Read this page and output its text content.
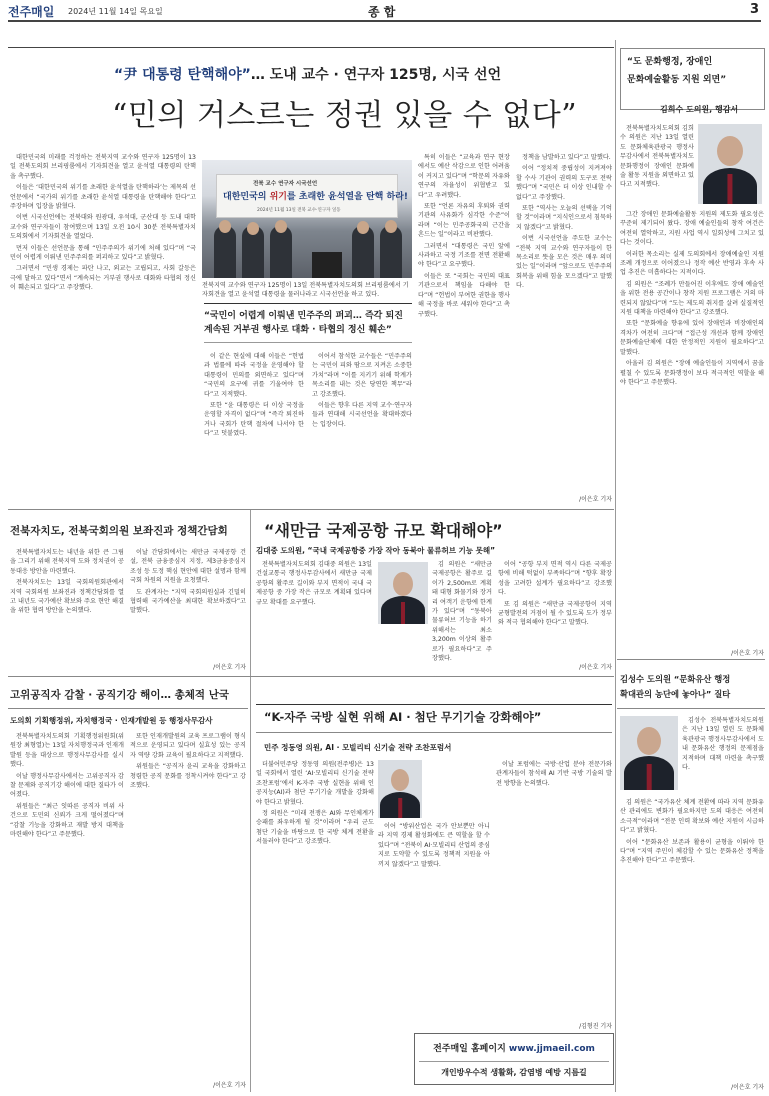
전주매일 2024년 11월 14일 목요일	종 합	3
“尹 대통령 탄핵해야”… 도내 교수 · 연구자 125명, 시국 선언
“민의 거스르는 정권 있을 수 없다”

대한민국의 미래를 걱정하는 전북지역 교수와 연구자 125명이 13일 전북도의회 브리핑룸에서 기자회견을 열고 윤석열 대통령의 탄핵을 촉구했다.

이들은 ‘대한민국의 위기를 초래한 윤석열을 탄핵하라’는 제목의 선언문에서 “국가의 위기를 초래한 윤석열 대통령을 탄핵해야 한다”고 주장하며 입장을 밝혔다.

이번 시국선언에는 전북대와 원광대, 우석대, 군산대 등 도내 대학 교수와 연구자들이 참여했으며 13일 오전 10시 30분 전북특별자치도의회에서 기자회견을 열었다.

먼저 이들은 선언문을 통해 “민주주의가 위기에 처해 있다”며 “국민이 어렵게 이뤄낸 민주주의를 퍼괴하고 있다”고 밝혔다.

그러면서 “민생 경제는 파탄 나고, 외교는 고립되고, 사회 갈등은 극에 달하고 있다”면서 “계속되는 거부권 행사로 대화와 타협의 정신이 훼손되고 있다”고 주장했다.

전북 교수 연구자 시국선언
대한민국의 위기를 초래한 윤석열을 탄핵 하라!
2024년 11월 13일 전북 교수·연구자 일동
전북지역 교수와 연구자 125명이 13일 전북특별자치도의회 브리핑룸에서 기자회견을 열고 윤석열 대통령을 물러나라고 시국선언을 하고 있다.
“국민이 어렵게 이뤄낸 민주주의 퍼괴… 즉각 퇴진
계속된 거부권 행사로 대화 · 타협의 정신 훼손”

이 같은 현실에 대해 이들은 “헌법과 법률에 따라 국정을 운영해야 할 대통령이 민의를 외면하고 있다”며 “국민의 요구에 귀를 기울여야 한다”고 지적했다.

또한 “윤 대통령은 더 이상 국정을 운영할 자격이 없다”며 “즉각 퇴진하거나 국회가 탄핵 절차에 나서야 한다”고 덧붙였다.

이어서 참석한 교수들은 “민주주의는 국민이 피와 땀으로 지켜온 소중한 가치”라며 “이를 지키기 위해 학계가 목소리를 내는 것은 당연한 책무”라고 강조했다.

이들은 향후 다른 지역 교수·연구자들과 연대해 시국선언을 확대하겠다는 입장이다.

특히 이들은 “교육과 연구 현장에서도 예산 삭감으로 인한 어려움이 커지고 있다”며 “학문의 자유와 연구의 자율성이 위협받고 있다”고 우려했다.

또한 “언론 자유의 후퇴와 권력 기관의 사유화가 심각한 수준”이라며 “이는 민주공화국의 근간을 흔드는 일”이라고 비판했다.

그러면서 “대통령은 국민 앞에 사과하고 국정 기조를 전면 전환해야 한다”고 요구했다.

이들은 또 “국회는 국민의 대표기관으로서 책임을 다해야 한다”며 “헌법이 부여한 권한을 행사해 국정을 바로 세워야 한다”고 촉구했다.

정책을 남발하고 있다”고 말했다.

이어 “정치적 중립성이 지켜져야 할 수사 기관이 권력의 도구로 전락했다”며 “국민은 더 이상 인내할 수 없다”고 주장했다.

또한 “역사는 오늘의 선택을 기억할 것”이라며 “지식인으로서 침묵하지 않겠다”고 밝혔다.

이번 시국선언을 주도한 교수는 “전북 지역 교수와 연구자들이 한 목소리로 뜻을 모은 것은 매우 의미 있는 일”이라며 “앞으로도 민주주의 회복을 위해 힘을 모으겠다”고 말했다.

/이은호 기자
“도 문화행정, 장애인
문화예술활동 지원 외면”
김희수 도의원, 행감서

전북특별자치도의회 김희수 의원은 지난 13일 열린 도 문화체육관광국 행정사무감사에서 전북특별자치도 문화행정이 장애인 문화예술 활동 지원을 외면하고 있다고 지적했다.

그간 장애인 문화예술활동 지원의 제도화 필요성은 꾸준히 제기되어 왔다. 장애 예술인들의 창작 여건은 여전히 열악하고, 지원 사업 역시 일회성에 그치고 있다는 것이다.

이러한 목소리는 실제 도의회에서 장애예술인 지원 조례 개정으로 이어졌으나 정작 예산 반영과 후속 사업 추진은 미흡하다는 지적이다.

김 의원은 “조례가 만들어진 이후에도 장애 예술인을 위한 전용 공간이나 창작 지원 프로그램은 거의 마련되지 않았다”며 “도는 제도의 취지를 살려 실질적인 지원 대책을 마련해야 한다”고 강조했다.

또한 “문화예술 향유에 있어 장애인과 비장애인의 격차가 여전히 크다”며 “접근성 개선과 함께 장애인 문화예술단체에 대한 안정적인 지원이 필요하다”고 말했다.

아울러 김 의원은 “장애 예술인들이 지역에서 꿈을 펼칠 수 있도록 문화행정이 보다 적극적인 역할을 해야 한다”고 주문했다.

/이은호 기자
전북자치도, 전북국회의원 보좌진과 정책간담회

전북특별자치도는 내년을 위한 큰 그림을 그리기 위해 전북지역 도와 정치권이 공동대응 방안을 마련했다.

전북자치도는 13일 국회의원회관에서 지역 국회의원 보좌진과 정책간담회를 열고 내년도 국가예산 확보와 주요 현안 해결을 위한 협력 방안을 논의했다.

이날 간담회에서는 새만금 국제공항 건설, 전북 금융중심지 지정, 제3금융중심지 조성 등 도정 핵심 현안에 대한 설명과 함께 국회 차원의 지원을 요청했다.

도 관계자는 “지역 국회의원실과 긴밀히 협력해 국가예산을 최대한 확보하겠다”고 말했다.

/이은호 기자
“새만금 국제공항 규모 확대해야”
김대중 도의원, “국내 국제공항중 가장 작아 동북아 물류허브 기능 못해”

전북특별자치도의회 김대중 의원은 13일 건설교통국 행정사무감사에서 새만금 국제공항의 활주로 길이와 부지 면적이 국내 국제공항 중 가장 작은 규모로 계획돼 있다며 규모 확대를 요구했다.

김 의원은 “새만금 국제공항은 활주로 길이가 2,500m로 계획돼 대형 화물기와 장거리 여객기 운항에 한계가 있다”며 “동북아 물류허브 기능을 하기 위해서는 최소 3,200m 이상의 활주로가 필요하다”고 주장했다.

이어 “공항 부지 면적 역시 다른 국제공항에 비해 턱없이 부족하다”며 “향후 확장성을 고려한 설계가 필요하다”고 강조했다.

또 김 의원은 “새만금 국제공항이 지역 균형발전의 거점이 될 수 있도록 도가 정부와 적극 협의해야 한다”고 말했다.

/이은호 기자
고위공직자 감찰 · 공직기강 해이… 총체적 난국
도의회 기획행정위, 자치행정국 · 인재개발원 등 행정사무감사

전북특별자치도의회 기획행정위원회(위원장 최형열)는 13일 자치행정국과 인재개발원 등을 대상으로 행정사무감사를 실시했다.

이날 행정사무감사에서는 고위공직자 감찰 문제와 공직기강 해이에 대한 질타가 이어졌다.

위원들은 “최근 잇따른 공직자 비위 사건으로 도민의 신뢰가 크게 떨어졌다”며 “감찰 기능을 강화하고 재발 방지 대책을 마련해야 한다”고 주문했다.

또한 인재개발원의 교육 프로그램이 형식적으로 운영되고 있다며 실효성 있는 공직자 역량 강화 교육이 필요하다고 지적했다.

위원들은 “공직자 윤리 교육을 강화하고 청렴한 공직 문화를 정착시켜야 한다”고 강조했다.

/이은호 기자
“K-자주 국방 실현 위해 AI · 첨단 무기기술 강화해야”
민주 정동영 의원, AI · 모빌리티 신기술 전략 조찬포럼서

더불어민주당 정동영 의원(전주병)은 13일 국회에서 열린 ‘AI·모빌리티 신기술 전략 조찬포럼’에서 K-자주 국방 실현을 위해 인공지능(AI)과 첨단 무기기술 개발을 강화해야 한다고 밝혔다.

정 의원은 “미래 전쟁은 AI와 무인체계가 승패를 좌우하게 될 것”이라며 “우리 군도 첨단 기술을 바탕으로 한 국방 체계 전환을 서둘러야 한다”고 강조했다.

이어 “방위산업은 국가 안보뿐만 아니라 지역 경제 활성화에도 큰 역할을 할 수 있다”며 “전북이 AI·모빌리티 산업의 중심지로 도약할 수 있도록 정책적 지원을 아끼지 않겠다”고 말했다.

이날 포럼에는 국방·산업 분야 전문가와 관계자들이 참석해 AI 기반 국방 기술의 발전 방향을 논의했다.

/김형진 기자
김성수 도의원 “문화유산 행정
확대관의 농단에 놓아나” 질타

김성수 전북특별자치도의원은 지난 13일 열린 도 문화체육관광국 행정사무감사에서 도내 문화유산 행정의 문제점을 지적하며 대책 마련을 촉구했다.

김 의원은 “국가유산 체계 전환에 따라 지역 문화유산 관리에도 변화가 필요하지만 도의 대응은 여전히 소극적”이라며 “전문 인력 확보와 예산 지원이 시급하다”고 밝혔다.

이어 “문화유산 보존과 활용이 균형을 이뤄야 한다”며 “지역 주민이 체감할 수 있는 문화유산 정책을 추진해야 한다”고 주문했다.

/이은호 기자
전주매일 홈페이지 www.jjmaeil.com
개인방우수적 생활화, 감염병 예방 지름길
